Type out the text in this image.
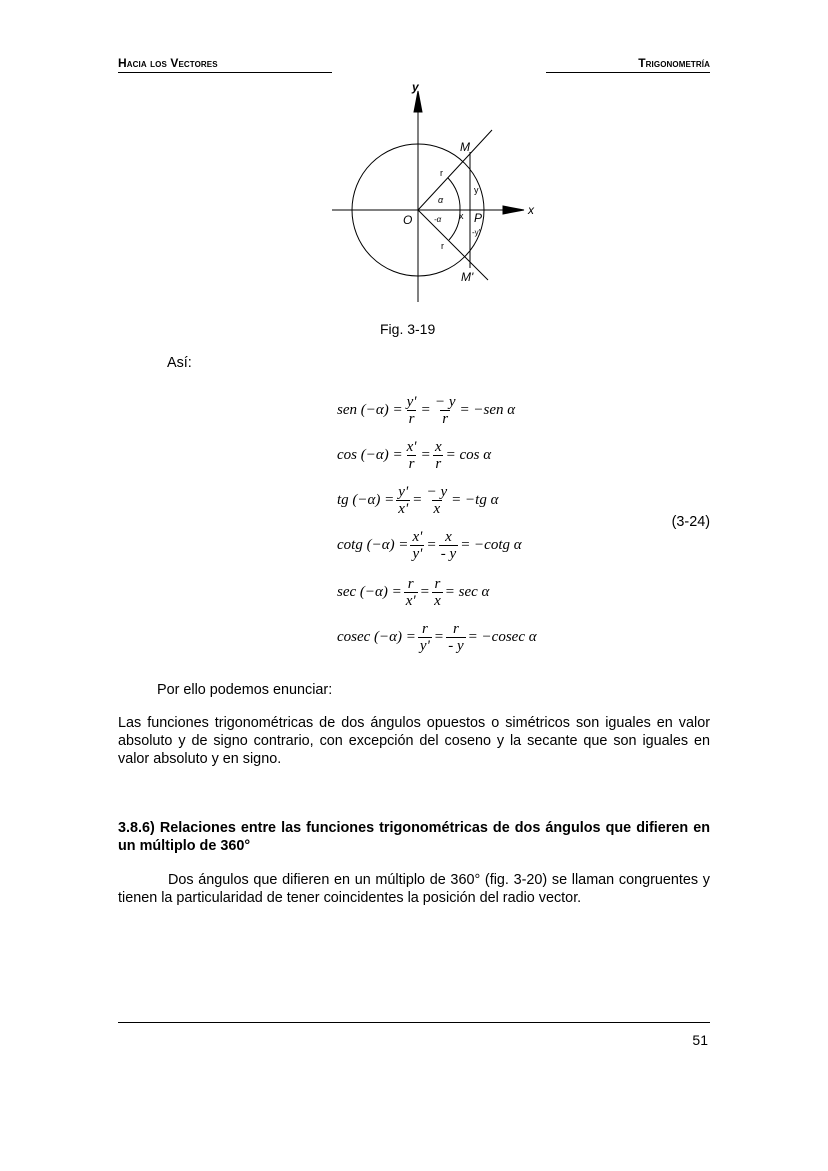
Hacia los Vectores	Trigonometría
y
x
O
M
M'
P
r
r
y
-y'
x
α
-α
Fig. 3-19
Así:
sen $(-\alpha) = \frac{y'}{r} = \frac{- y}{r} = -sen$ α
$\cos (-\alpha) = \frac{x'}{r} = \frac{x}{r} = \cos \alpha$
tg $(-\alpha) = \frac{y'}{x'} = \frac{- y}{x} = -tg$ α
cotg $(-\alpha) = \frac{x'}{y'} = \frac{x}{- y} = -\cot g$ α
$\sec (-\alpha) = \frac{r}{x'} = \frac{r}{x} = \sec \alpha$
cosec $(-\alpha) = \frac{r}{y'} = \frac{r}{- y} = -cosec$ α
(3-24)
Por ello podemos enunciar:
Las funciones trigonométricas de dos ángulos opuestos o simétricos son iguales en valor absoluto y de signo contrario, con excepción del coseno y la secante que son iguales en valor absoluto y en signo.
3.8.6) Relaciones entre las funciones trigonométricas de dos ángulos que difieren en un múltiplo de 360°
Dos ángulos que difieren en un múltiplo de 360° (fig. 3-20) se llaman congruentes y tienen la particularidad de tener coincidentes la posición del radio vector.
51
